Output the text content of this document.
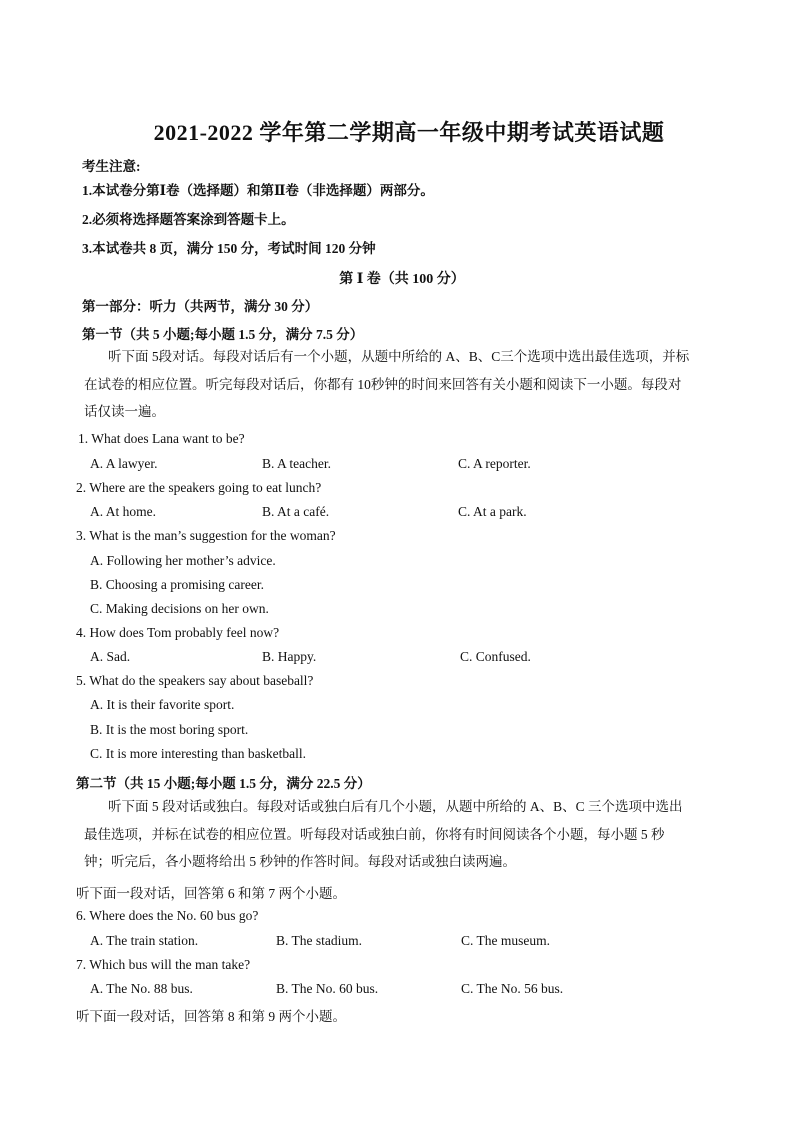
2021-2022 学年第二学期高一年级中期考试英语试题
考生注意:
1.本试卷分第Ⅰ卷（选择题）和第Ⅱ卷（非选择题）两部分。
2.必须将选择题答案涂到答题卡上。
3.本试卷共 8 页，满分 150 分，考试时间 120 分钟
第 Ⅰ 卷（共 100 分）
第一部分：听力（共两节，满分 30 分）
第一节（共 5 小题;每小题 1.5 分，满分 7.5 分）
听下面 5段对话。每段对话后有一个小题，从题中所给的 A、B、C三个选项中选出最佳选项，并标
在试卷的相应位置。听完每段对话后，你都有 10秒钟的时间来回答有关小题和阅读下一小题。每段对
话仅读一遍。
1. What does Lana want to be?
A. A lawyer.	B. A teacher.	C. A reporter.
2. Where are the speakers going to eat lunch?
A. At home.	B. At a café.	C. At a park.
3. What is the man’s suggestion for the woman?
A. Following her mother’s advice.
B. Choosing a promising career.
C. Making decisions on her own.
4. How does Tom probably feel now?
A. Sad.	B. Happy.	C. Confused.
5. What do the speakers say about baseball?
A. It is their favorite sport.
B. It is the most boring sport.
C. It is more interesting than basketball.
第二节（共 15 小题;每小题 1.5 分，满分 22.5 分）
听下面 5 段对话或独白。每段对话或独白后有几个小题，从题中所给的 A、B、C 三个选项中选出
最佳选项，并标在试卷的相应位置。听每段对话或独白前，你将有时间阅读各个小题，每小题 5 秒
钟；听完后，各小题将给出 5 秒钟的作答时间。每段对话或独白读两遍。
听下面一段对话，回答第 6 和第 7 两个小题。
6. Where does the No. 60 bus go?
A. The train station.	B. The stadium.	C. The museum.
7. Which bus will the man take?
A. The No. 88 bus.	B. The No. 60 bus.	C. The No. 56 bus.
听下面一段对话，回答第 8 和第 9 两个小题。
